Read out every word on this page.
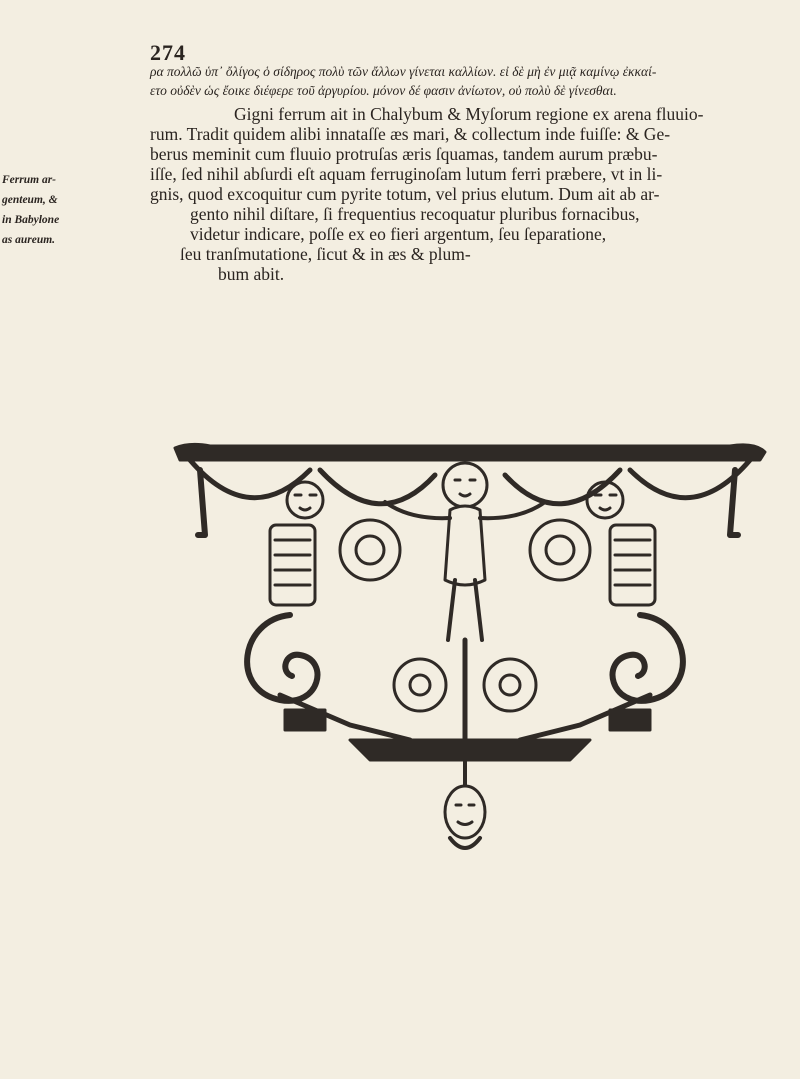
274
ρα πολλῶ ὑπ᾽ ὄλίγος ὁ σίδηρος πολὺ τῶν ἄλλων γίνεται καλλίων. εἰ δὲ μὴ ἐν μιᾷ καμίνῳ ἐκκαί-
ετο οὐδὲν ὡς ἔοικε διέφερε τοῦ ἀργυρίου. μόνον δέ φασιν ἀνίωτον, οὐ πολὺ δὲ γίνεσθαι.
Gigni ferrum ait in Chalybum & Myſorum regione ex arena fluuio-
rum. Tradit quidem alibi innataſſe æs mari, & collectum inde fuiſſe: & Ge-
berus meminit cum fluuio protruſas æris ſquamas, tandem aurum præbu-
iſſe, ſed nihil abſurdi eſt aquam ferruginoſam lutum ferri præbere, vt in li-
gnis, quod excoquitur cum pyrite totum, vel prius elutum. Dum ait ab ar-
gento nihil diſtare, ſi frequentius recoquatur pluribus fornacibus,
videtur indicare, poſſe ex eo fieri argentum, ſeu ſeparatione,
ſeu tranſmutatione, ſicut & in æs & plum-
bum abit.
Ferrum ar-
genteum, &
in Babylone
as aureum.
